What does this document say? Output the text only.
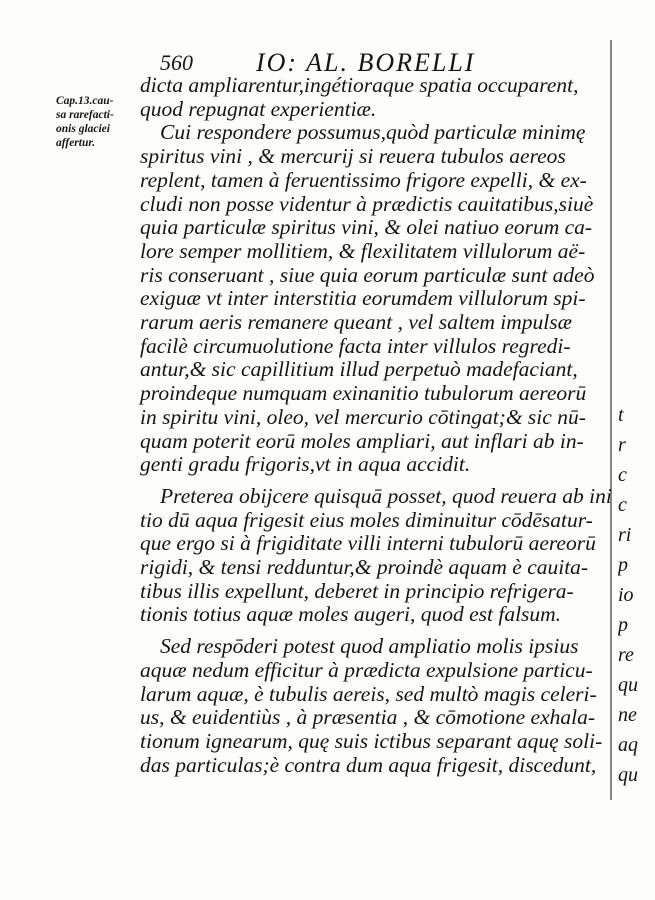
560 IO: AL. BORELLI
Cap.13.cau-
sa rarefacti-
onis glaciei
affertur.
dicta ampliarentur,ingétioraque spatia occuparent,
quod repugnat experientiæ.
Cui respondere possumus,quòd particulæ minimę
spiritus vini , & mercurij si reuera tubulos aereos
replent, tamen à feruentissimo frigore expelli, & ex-
cludi non posse videntur à prædictis cauitatibus,siuè
quia particulæ spiritus vini, & olei natiuo eorum ca-
lore semper mollitiem, & flexilitatem villulorum aë-
ris conseruant , siue quia eorum particulæ sunt adeò
exiguæ vt inter interstitia eorumdem villulorum spi-
rarum aeris remanere queant , vel saltem impulsæ
facilè circumuolutione facta inter villulos regredi-
antur,& sic capillitium illud perpetuò madefaciant,
proindeque numquam exinanitio tubulorum aereorū
in spiritu vini, oleo, vel mercurio cōtingat;& sic nū-
quam poterit eorū moles ampliari, aut inflari ab in-
genti gradu frigoris,vt in aqua accidit.
Preterea obijcere quisquā posset, quod reuera ab ini
tio dū aqua frigesit eius moles diminuitur cōdēsatur-
que ergo si à frigiditate villi interni tubulorū aereorū
rigidi, & tensi redduntur,& proindè aquam è cauita-
tibus illis expellunt, deberet in principio refrigera-
tionis totius aquæ moles augeri, quod est falsum.
Sed respōderi potest quod ampliatio molis ipsius
aquæ nedum efficitur à prædicta expulsione particu-
larum aquæ, è tubulis aereis, sed multò magis celeri-
us, & euidentiùs , à præsentia , & cōmotione exhala-
tionum ignearum, quę suis ictibus separant aquę soli-
das particulas;è contra dum aqua frigesit, discedunt,
t
r
c
c
ri
p
io
p
re
qu
ne
aq
qu
